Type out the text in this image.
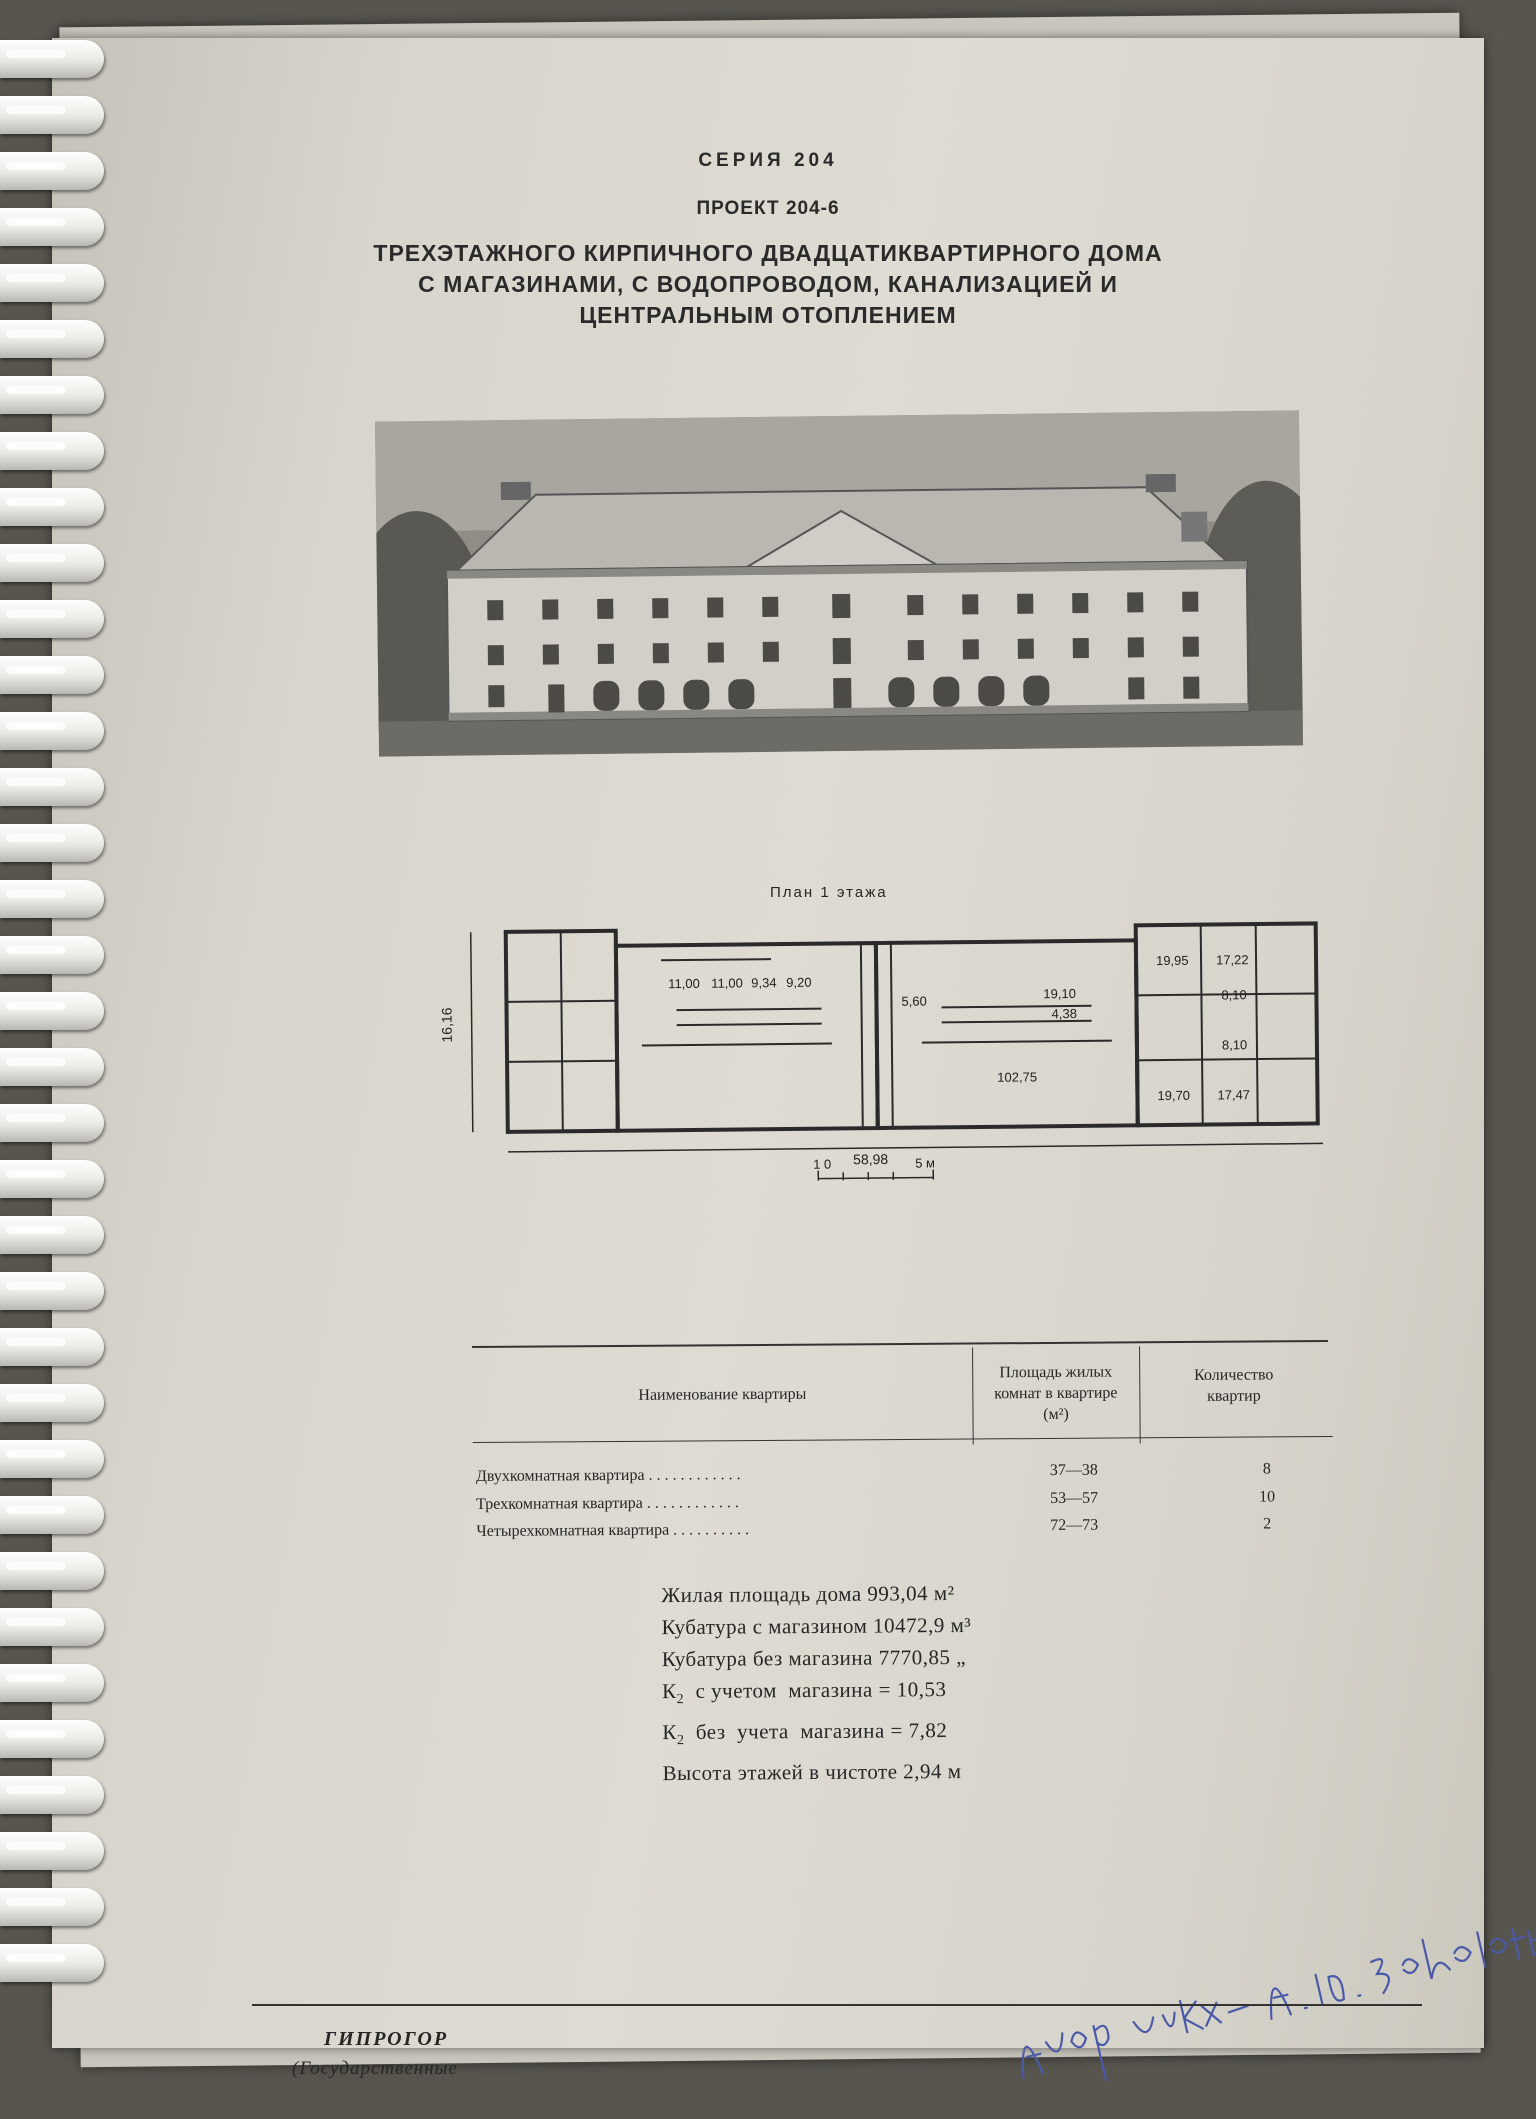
СЕРИЯ 204

ПРОЕКТ 204-6

ТРЕХЭТАЖНОГО КИРПИЧНОГО ДВАДЦАТИКВАРТИРНОГО ДОМА
С МАГАЗИНАМИ, С ВОДОПРОВОДОМ, КАНАЛИЗАЦИЕЙ И
ЦЕНТРАЛЬНЫМ ОТОПЛЕНИЕМ

План 1 этажа

16,16
58,98
1 0	5 м
11,00 11,00 9,34 9,20
5,60	19,10
4,38
102,75
19,95 17,22
8,10
8,10
19,70 17,47
Наименование квартиры
Площадь жилых
комнат в квартире
(м²)
Количество
квартир
Двухкомнатная квартира . . . . . . . . . . . .	37—38	8
Трехкомнатная квартира . . . . . . . . . . . .	53—57	10
Четырехкомнатная квартира . . . . . . . . . .	72—73	2
Жилая площадь дома 993,04 м²
Кубатура с магазином 10472,9 м³
Кубатура без магазина 7770,85 „
$К_2$  с учетом  магазина = 10,53
$К_2$  без  учета  магазина = 7,82
Высота этажей в чистоте 2,94 м

ГИПРОГОР

(Государственные
